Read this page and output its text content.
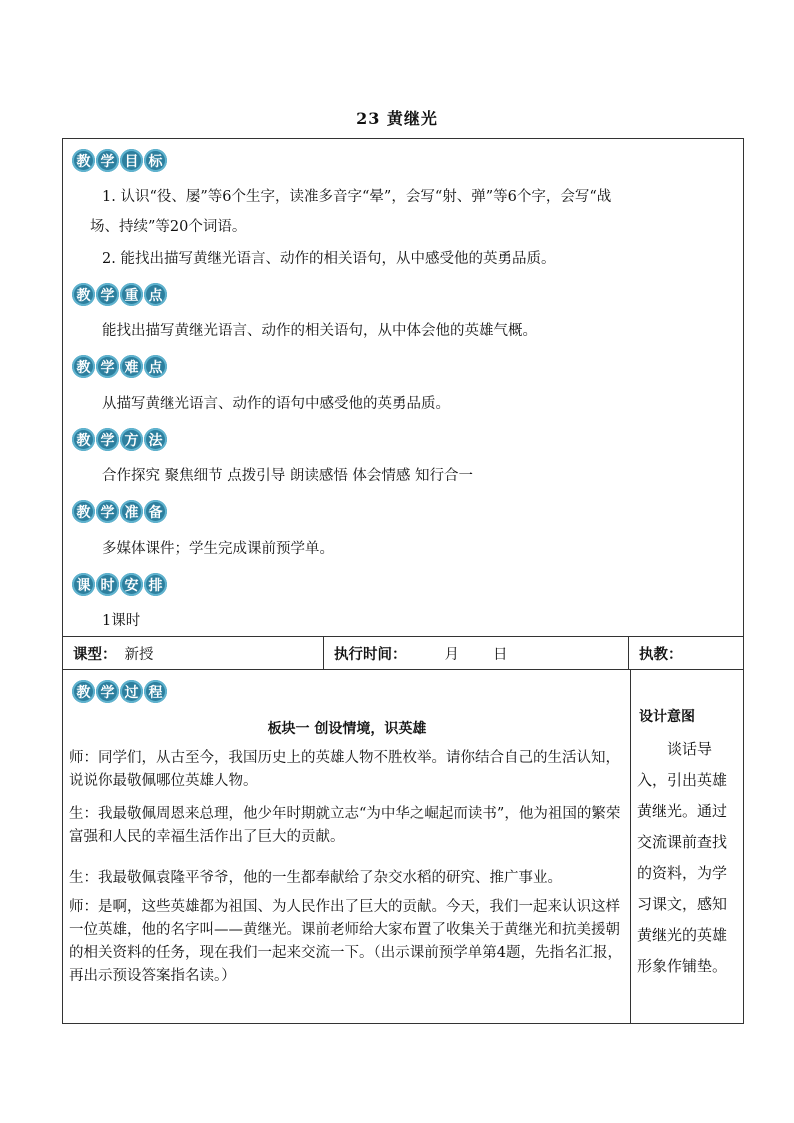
23 黄继光
教 学 目 标
1. 认识“役、屡”等6个生字，读准多音字“晕”，会写“射、弹”等6个字，会写“战
场、持续”等20个词语。
2. 能找出描写黄继光语言、动作的相关语句，从中感受他的英勇品质。
教 学 重 点
能找出描写黄继光语言、动作的相关语句，从中体会他的英雄气概。
教 学 难 点
从描写黄继光语言、动作的语句中感受他的英勇品质。
教 学 方 法
合作探究 聚焦细节 点拨引导 朗读感悟 体会情感 知行合一
教 学 准 备
多媒体课件；学生完成课前预学单。
课 时 安 排
1课时
课型： 新授	执行时间：	月 日	执教：
教 学 过 程
板块一 创设情境，识英雄
师：同学们，从古至今，我国历史上的英雄人物不胜枚举。请你结合自己的生活认知，说说你最敬佩哪位英雄人物。
生：我最敬佩周恩来总理，他少年时期就立志“为中华之崛起而读书”，他为祖国的繁荣富强和人民的幸福生活作出了巨大的贡献。
生：我最敬佩袁隆平爷爷，他的一生都奉献给了杂交水稻的研究、推广事业。
师：是啊，这些英雄都为祖国、为人民作出了巨大的贡献。今天，我们一起来认识这样一位英雄，他的名字叫——黄继光。课前老师给大家布置了收集关于黄继光和抗美援朝的相关资料的任务，现在我们一起来交流一下。（出示课前预学单第4题，先指名汇报，再出示预设答案指名读。）
设计意图
谈话导入，引出英雄黄继光。通过交流课前查找的资料，为学习课文，感知黄继光的英雄形象作铺垫。
